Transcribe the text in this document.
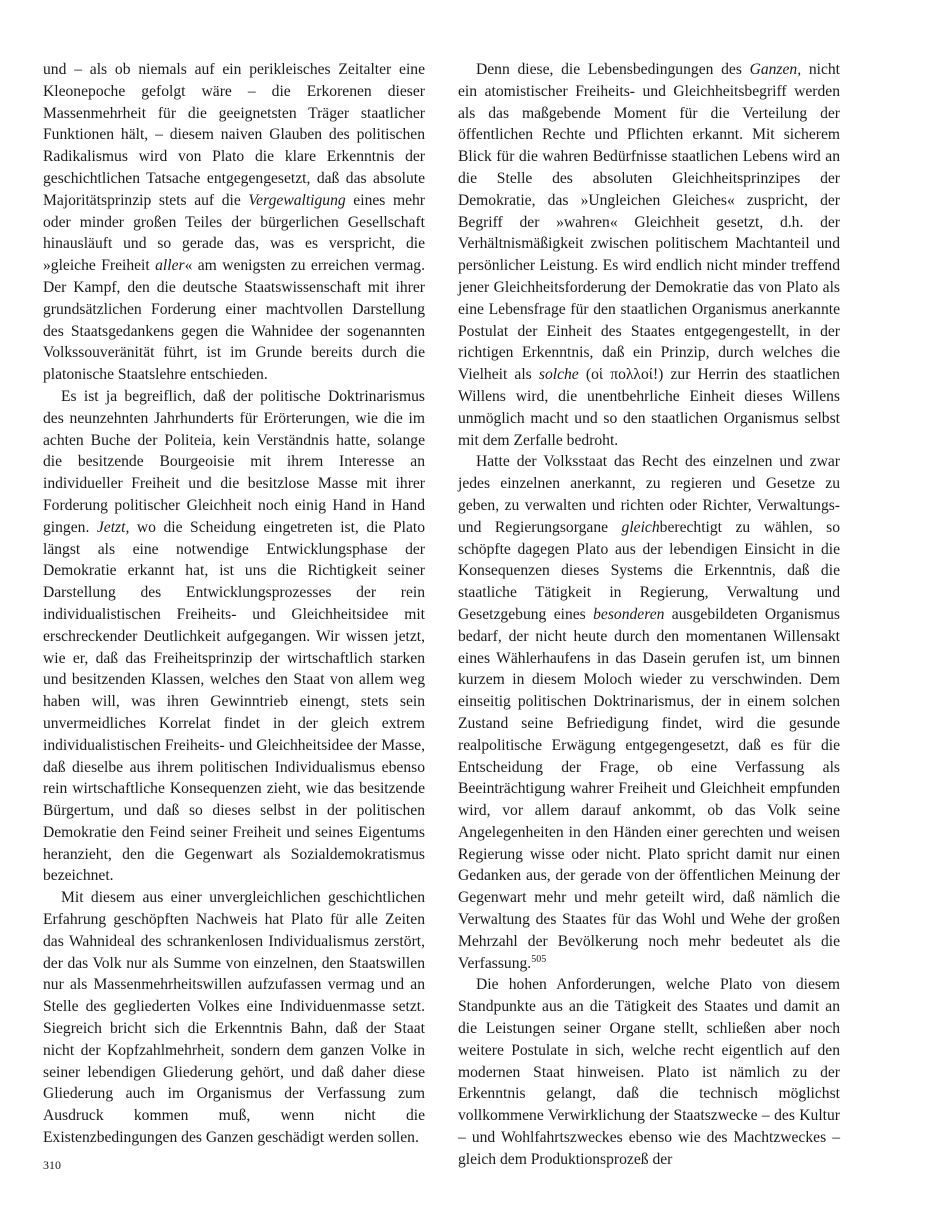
und – als ob niemals auf ein perikleisches Zeitalter eine Kleonepoche gefolgt wäre – die Erkorenen dieser Massenmehrheit für die geeignetsten Träger staatlicher Funktionen hält, – diesem naiven Glauben des politischen Radikalismus wird von Plato die klare Erkenntnis der geschichtlichen Tatsache entgegengesetzt, daß das absolute Majoritätsprinzip stets auf die Vergewaltigung eines mehr oder minder großen Teiles der bürgerlichen Gesellschaft hinausläuft und so gerade das, was es verspricht, die »gleiche Freiheit aller« am wenigsten zu erreichen vermag. Der Kampf, den die deutsche Staatswissenschaft mit ihrer grundsätzlichen Forderung einer machtvollen Darstellung des Staatsgedankens gegen die Wahnidee der sogenannten Volkssouveränität führt, ist im Grunde bereits durch die platonische Staatslehre entschieden.

Es ist ja begreiflich, daß der politische Doktrinarismus des neunzehnten Jahrhunderts für Erörterungen, wie die im achten Buche der Politeia, kein Verständnis hatte, solange die besitzende Bourgeoisie mit ihrem Interesse an individueller Freiheit und die besitzlose Masse mit ihrer Forderung politischer Gleichheit noch einig Hand in Hand gingen. Jetzt, wo die Scheidung eingetreten ist, die Plato längst als eine notwendige Entwicklungsphase der Demokratie erkannt hat, ist uns die Richtigkeit seiner Darstellung des Entwicklungsprozesses der rein individualistischen Freiheits- und Gleichheitsidee mit erschreckender Deutlichkeit aufgegangen. Wir wissen jetzt, wie er, daß das Freiheitsprinzip der wirtschaftlich starken und besitzenden Klassen, welches den Staat von allem weg haben will, was ihren Gewinntrieb einengt, stets sein unvermeidliches Korrelat findet in der gleich extrem individualistischen Freiheits- und Gleichheitsidee der Masse, daß dieselbe aus ihrem politischen Individualismus ebenso rein wirtschaftliche Konsequenzen zieht, wie das besitzende Bürgertum, und daß so dieses selbst in der politischen Demokratie den Feind seiner Freiheit und seines Eigentums heranzieht, den die Gegenwart als Sozialdemokratismus bezeichnet.

Mit diesem aus einer unvergleichlichen geschichtlichen Erfahrung geschöpften Nachweis hat Plato für alle Zeiten das Wahnideal des schrankenlosen Individualismus zerstört, der das Volk nur als Summe von einzelnen, den Staatswillen nur als Massenmehrheitswillen aufzufassen vermag und an Stelle des gegliederten Volkes eine Individuenmasse setzt. Siegreich bricht sich die Erkenntnis Bahn, daß der Staat nicht der Kopfzahlmehrheit, sondern dem ganzen Volke in seiner lebendigen Gliederung gehört, und daß daher diese Gliederung auch im Organismus der Verfassung zum Ausdruck kommen muß, wenn nicht die Existenzbedingungen des Ganzen geschädigt werden sollen.

Denn diese, die Lebensbedingungen des Ganzen, nicht ein atomistischer Freiheits- und Gleichheitsbegriff werden als das maßgebende Moment für die Verteilung der öffentlichen Rechte und Pflichten erkannt. Mit sicherem Blick für die wahren Bedürfnisse staatlichen Lebens wird an die Stelle des absoluten Gleichheitsprinzipes der Demokratie, das »Ungleichen Gleiches« zuspricht, der Begriff der »wahren« Gleichheit gesetzt, d.h. der Verhältnismäßigkeit zwischen politischem Machtanteil und persönlicher Leistung. Es wird endlich nicht minder treffend jener Gleichheitsforderung der Demokratie das von Plato als eine Lebensfrage für den staatlichen Organismus anerkannte Postulat der Einheit des Staates entgegengestellt, in der richtigen Erkenntnis, daß ein Prinzip, durch welches die Vielheit als solche (οἱ πολλοί!) zur Herrin des staatlichen Willens wird, die unentbehrliche Einheit dieses Willens unmöglich macht und so den staatlichen Organismus selbst mit dem Zerfalle bedroht.

Hatte der Volksstaat das Recht des einzelnen und zwar jedes einzelnen anerkannt, zu regieren und Gesetze zu geben, zu verwalten und richten oder Richter, Verwaltungs- und Regierungsorgane gleichberechtigt zu wählen, so schöpfte dagegen Plato aus der lebendigen Einsicht in die Konsequenzen dieses Systems die Erkenntnis, daß die staatliche Tätigkeit in Regierung, Verwaltung und Gesetzgebung eines besonderen ausgebildeten Organismus bedarf, der nicht heute durch den momentanen Willensakt eines Wählerhaufens in das Dasein gerufen ist, um binnen kurzem in diesem Moloch wieder zu verschwinden. Dem einseitig politischen Doktrinarismus, der in einem solchen Zustand seine Befriedigung findet, wird die gesunde realpolitische Erwägung entgegengesetzt, daß es für die Entscheidung der Frage, ob eine Verfassung als Beeinträchtigung wahrer Freiheit und Gleichheit empfunden wird, vor allem darauf ankommt, ob das Volk seine Angelegenheiten in den Händen einer gerechten und weisen Regierung wisse oder nicht. Plato spricht damit nur einen Gedanken aus, der gerade von der öffentlichen Meinung der Gegenwart mehr und mehr geteilt wird, daß nämlich die Verwaltung des Staates für das Wohl und Wehe der großen Mehrzahl der Bevölkerung noch mehr bedeutet als die Verfassung.$^{505}$

Die hohen Anforderungen, welche Plato von diesem Standpunkte aus an die Tätigkeit des Staates und damit an die Leistungen seiner Organe stellt, schließen aber noch weitere Postulate in sich, welche recht eigentlich auf den modernen Staat hinweisen. Plato ist nämlich zu der Erkenntnis gelangt, daß die technisch möglichst vollkommene Verwirklichung der Staatszwecke – des Kultur – und Wohlfahrtszweckes ebenso wie des Machtzweckes – gleich dem Produktionsprozeß der

310
